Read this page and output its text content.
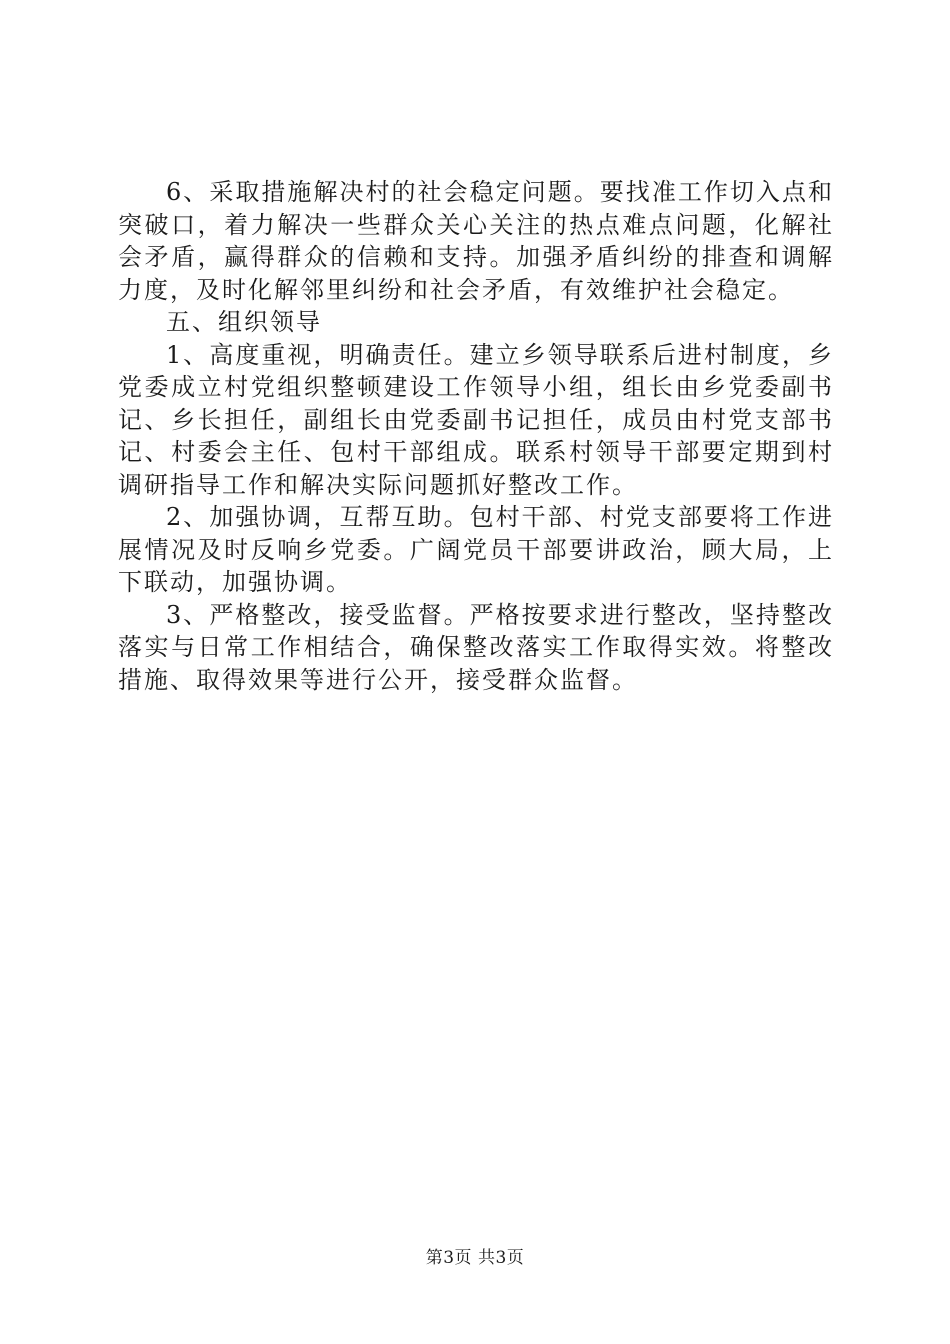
6、采取措施解决村的社会稳定问题。要找准工作切入点和突破口，着力解决一些群众关心关注的热点难点问题，化解社会矛盾，赢得群众的信赖和支持。加强矛盾纠纷的排查和调解力度，及时化解邻里纠纷和社会矛盾，有效维护社会稳定。

五、组织领导

1、高度重视，明确责任。建立乡领导联系后进村制度，乡党委成立村党组织整顿建设工作领导小组，组长由乡党委副书记、乡长担任，副组长由党委副书记担任，成员由村党支部书记、村委会主任、包村干部组成。联系村领导干部要定期到村调研指导工作和解决实际问题抓好整改工作。

2、加强协调，互帮互助。包村干部、村党支部要将工作进展情况及时反响乡党委。广阔党员干部要讲政治，顾大局，上下联动，加强协调。

3、严格整改，接受监督。严格按要求进行整改，坚持整改落实与日常工作相结合，确保整改落实工作取得实效。将整改措施、取得效果等进行公开，接受群众监督。

第3页 共3页
